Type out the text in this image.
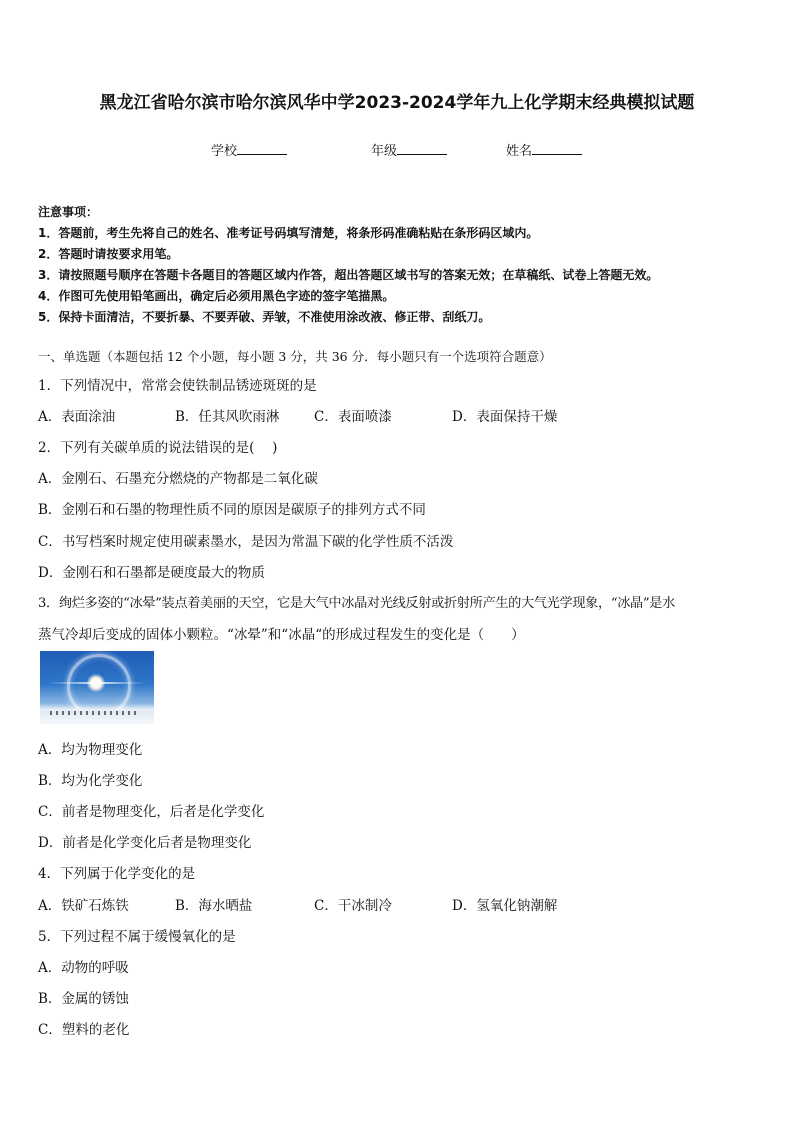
黑龙江省哈尔滨市哈尔滨风华中学2023-2024学年九上化学期末经典模拟试题
学校	年级	姓名
注意事项：
1．答题前，考生先将自己的姓名、准考证号码填写清楚，将条形码准确粘贴在条形码区域内。
2．答题时请按要求用笔。
3．请按照题号顺序在答题卡各题目的答题区域内作答，超出答题区域书写的答案无效；在草稿纸、试卷上答题无效。
4．作图可先使用铅笔画出，确定后必须用黑色字迹的签字笔描黑。
5．保持卡面清洁，不要折暴、不要弄破、弄皱，不准使用涂改液、修正带、刮纸刀。
一、单选题（本题包括 12 个小题，每小题 3 分，共 36 分．每小题只有一个选项符合题意）
1．下列情况中，常常会使铁制品锈迹斑斑的是
A．表面涂油	B．任其风吹雨淋	C．表面喷漆	D．表面保持干燥
2．下列有关碳单质的说法错误的是(　 )
A．金刚石、石墨充分燃烧的产物都是二氧化碳
B．金刚石和石墨的物理性质不同的原因是碳原子的排列方式不同
C．书写档案时规定使用碳素墨水，是因为常温下碳的化学性质不活泼
D．金刚石和石墨都是硬度最大的物质
3．绚烂多姿的“冰晕”装点着美丽的天空，它是大气中冰晶对光线反射或折射所产生的大气光学现象，“冰晶”是水
蒸气冷却后变成的固体小颗粒。“冰晕”和“冰晶“的形成过程发生的变化是（　　）
A．均为物理变化
B．均为化学变化
C．前者是物理变化，后者是化学变化
D．前者是化学变化后者是物理变化
4．下列属于化学变化的是
A．铁矿石炼铁	B．海水晒盐	C．干冰制冷	D．氢氧化钠潮解
5．下列过程不属于缓慢氧化的是
A．动物的呼吸
B．金属的锈蚀
C．塑料的老化
